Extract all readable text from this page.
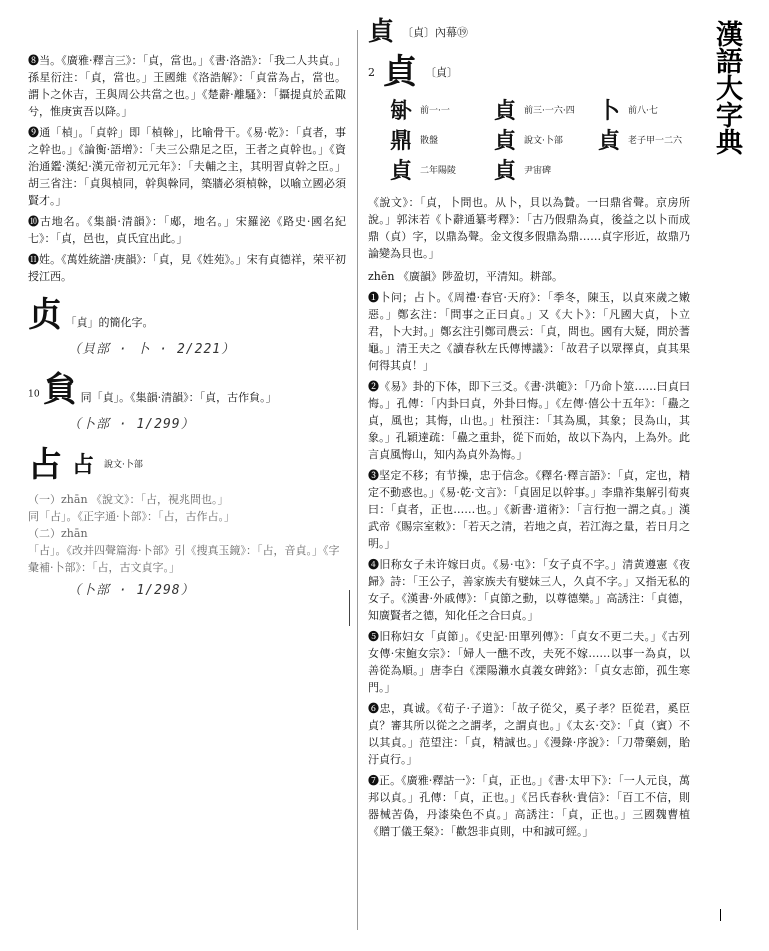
漢語大字典

❽当。《廣雅·釋言三》：「貞，當也。」《書·洛誥》：「我二人共貞。」孫星衍注：「貞，當也。」王國維《洛誥解》：「貞當為占，當也。謂卜之休吉，王與周公共當之也。」《楚辭·離騷》：「攝提貞於孟陬兮，惟庚寅吾以降。」

❾通「楨」。「貞幹」即「楨榦」，比喻骨干。《易·乾》：「貞者，事之幹也。」《論衡·語增》：「夫三公鼎足之臣，王者之貞幹也。」《資治通鑑·漢紀·漢元帝初元元年》：「夫輔之主，其明習貞幹之臣。」胡三省注：「貞與楨同，幹與榦同，築牆必須楨榦，以喻立國必須賢才。」

❿古地名。《集韻·清韻》：「郕，地名。」宋羅泌《路史·國名紀七》：「貞，邑也，貞氏宜出此。」

⓫姓。《萬姓統譜·庚韻》：「貞，見《姓苑》。」宋有貞德祥，荣平初授江西。

贞 「貞」的簡化字。
（貝部 · 卜 · 2/221）
$^{10}$ 貟 同「貞」。《集韻·清韻》：「貞，古作貟。」
（卜部 · 1/299）
占 占 說文·卜部
（一）zhān 《說文》：「占，視兆問也。」
同「占」。《正字通·卜部》：「占，古作占。」
（二）zhān
「占」。《改并四聲篇海·卜部》引《搜真玉鏡》：「占，音貞。」《字彙補·卜部》：「占，古文貞字。」
（卜部 · 1/298）
貞 〔貞〕內幕⑲
2 貞 〔貞〕
𠧩 前一·一 貞 前三·一六·四 卜 前八·七
鼎 散盤	貞 說文·卜部 貞 老子甲一二六
貞 二年陽陵 貞 尹宙碑

《說文》：「貞，卜問也。从卜，貝以為贄。一曰鼎省聲。京房所說。」郭沫若《卜辭通纂考釋》：「古乃假鼎為貞，後益之以卜而成鼎（貞）字，以鼎為聲。金文復多假鼎為鼎……貞字形近，故鼎乃論變為貝也。」

zhēn 《廣韻》陟盈切，平清知。耕部。

❶卜问；占卜。《周禮·春官·天府》：「季冬，陳玉，以貞來歲之嫩惡。」鄭玄注：「問事之正曰貞。」又《大卜》：「凡國大貞，卜立君，卜大封。」鄭玄注引鄭司農云：「貞，問也。國有大疑，問於蓍龜。」清王夫之《讀春秋左氏傳博議》：「故君子以眾擇貞，貞其果何得其貞！」

❷《易》卦的下体，即下三爻。《書·洪範》：「乃命卜筮……曰貞曰悔。」孔傳：「内卦曰貞，外卦曰悔。」《左傳·僖公十五年》：「蠱之貞，風也；其悔，山也。」杜預注：「其為風，其象；艮為山，其象。」孔穎達疏：「蠱之重卦，從下而始，故以下為内，上為外。此言貞風悔山，知内為貞外為悔。」

❸坚定不移；有节操，忠于信念。《釋名·釋言語》：「貞，定也，精定不動惑也。」《易·乾·文言》：「貞固足以幹事。」李鼎祚集解引荀爽曰：「貞者，正也……也。」《新書·道術》：「言行抱一謂之貞。」漢武帝《賜宗室敕》：「若天之清，若地之貞，若江海之量，若日月之明。」

❹旧称女子未许嫁曰贞。《易·屯》：「女子貞不字。」清黄遵憲《夜歸》詩：「王公子，善家族夫有嬖妹三人，久貞不字。」又指无私的女子。《漢書·外戚傳》：「貞節之動，以尊德樂。」高誘注：「貞德，知廣賢者之德，知化任之合曰貞。」

❺旧称妇女「貞節」。《史記·田單列傳》：「貞女不更二夫。」《古列女傳·宋鮑女宗》：「婦人一醮不改，夫死不嫁……以事一為貞，以善從為順。」唐李白《溧陽瀨水貞義女碑銘》：「貞女志節，孤生寒門。」

❻忠，真诚。《荀子·子道》：「故子從父，奚子孝？臣從君，奚臣貞？審其所以從之之謂孝，之謂貞也。」《太玄·交》：「貞（賓）不以其貞。」范望注：「貞，精誠也。」《漫錄·序說》：「刀帶藥劍，貽汙貞行。」

❼正。《廣雅·釋詁一》：「貞，正也。」《書·太甲下》：「一人元良，萬邦以貞。」孔傳：「貞，正也。」《呂氏春秋·貴信》：「百工不信，則器械苦偽，丹漆染色不貞。」高誘注：「貞，正也。」三國魏曹植《贈丁儀王粲》：「歡怨非貞則，中和誠可經。」
